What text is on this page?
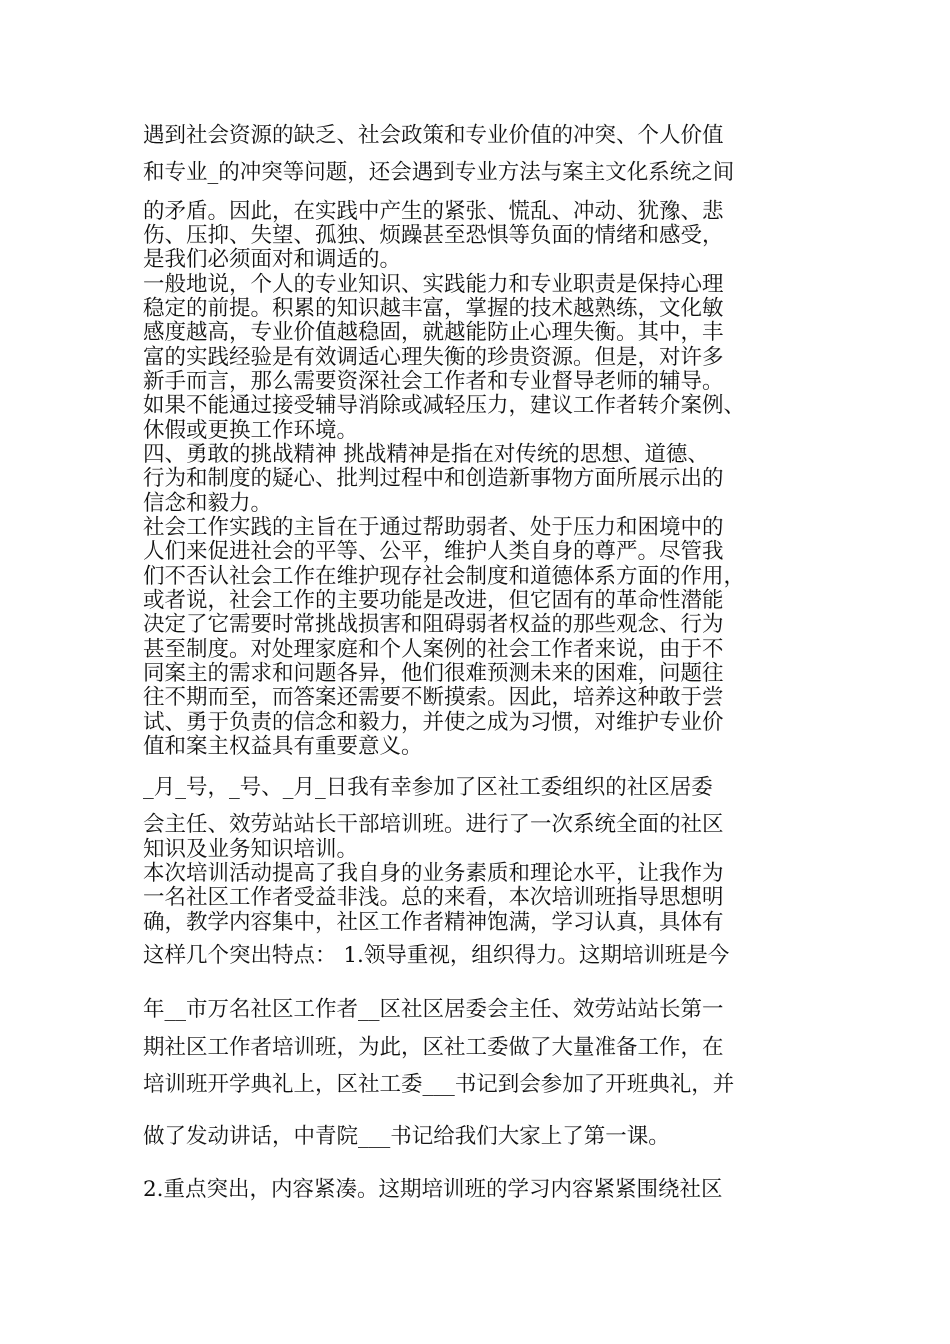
遇到社会资源的缺乏、社会政策和专业价值的冲突、个人价值

和专业_的冲突等问题，还会遇到专业方法与案主文化系统之间

的矛盾。因此，在实践中产生的紧张、慌乱、冲动、犹豫、悲

伤、压抑、失望、孤独、烦躁甚至恐惧等负面的情绪和感受，

是我们必须面对和调适的。

一般地说，个人的专业知识、实践能力和专业职责是保持心理

稳定的前提。积累的知识越丰富，掌握的技术越熟练，文化敏

感度越高，专业价值越稳固，就越能防止心理失衡。其中，丰

富的实践经验是有效调适心理失衡的珍贵资源。但是，对许多

新手而言，那么需要资深社会工作者和专业督导老师的辅导。

如果不能通过接受辅导消除或减轻压力，建议工作者转介案例、

休假或更换工作环境。

四、勇敢的挑战精神 挑战精神是指在对传统的思想、道德、

行为和制度的疑心、批判过程中和创造新事物方面所展示出的

信念和毅力。

社会工作实践的主旨在于通过帮助弱者、处于压力和困境中的

人们来促进社会的平等、公平，维护人类自身的尊严。尽管我

们不否认社会工作在维护现存社会制度和道德体系方面的作用，

或者说，社会工作的主要功能是改进，但它固有的革命性潜能

决定了它需要时常挑战损害和阻碍弱者权益的那些观念、行为

甚至制度。对处理家庭和个人案例的社会工作者来说，由于不

同案主的需求和问题各异，他们很难预测未来的困难，问题往

往不期而至，而答案还需要不断摸索。因此，培养这种敢于尝

试、勇于负责的信念和毅力，并使之成为习惯，对维护专业价

值和案主权益具有重要意义。

_月_号，_号、_月_日我有幸参加了区社工委组织的社区居委

会主任、效劳站站长干部培训班。进行了一次系统全面的社区

知识及业务知识培训。

本次培训活动提高了我自身的业务素质和理论水平，让我作为

一名社区工作者受益非浅。总的来看，本次培训班指导思想明

确，教学内容集中，社区工作者精神饱满，学习认真，具体有

这样几个突出特点： 1.领导重视，组织得力。这期培训班是今

年__市万名社区工作者__区社区居委会主任、效劳站站长第一

期社区工作者培训班，为此，区社工委做了大量准备工作，在

培训班开学典礼上，区社工委___书记到会参加了开班典礼，并

做了发动讲话，中青院___书记给我们大家上了第一课。

2.重点突出，内容紧凑。这期培训班的学习内容紧紧围绕社区
